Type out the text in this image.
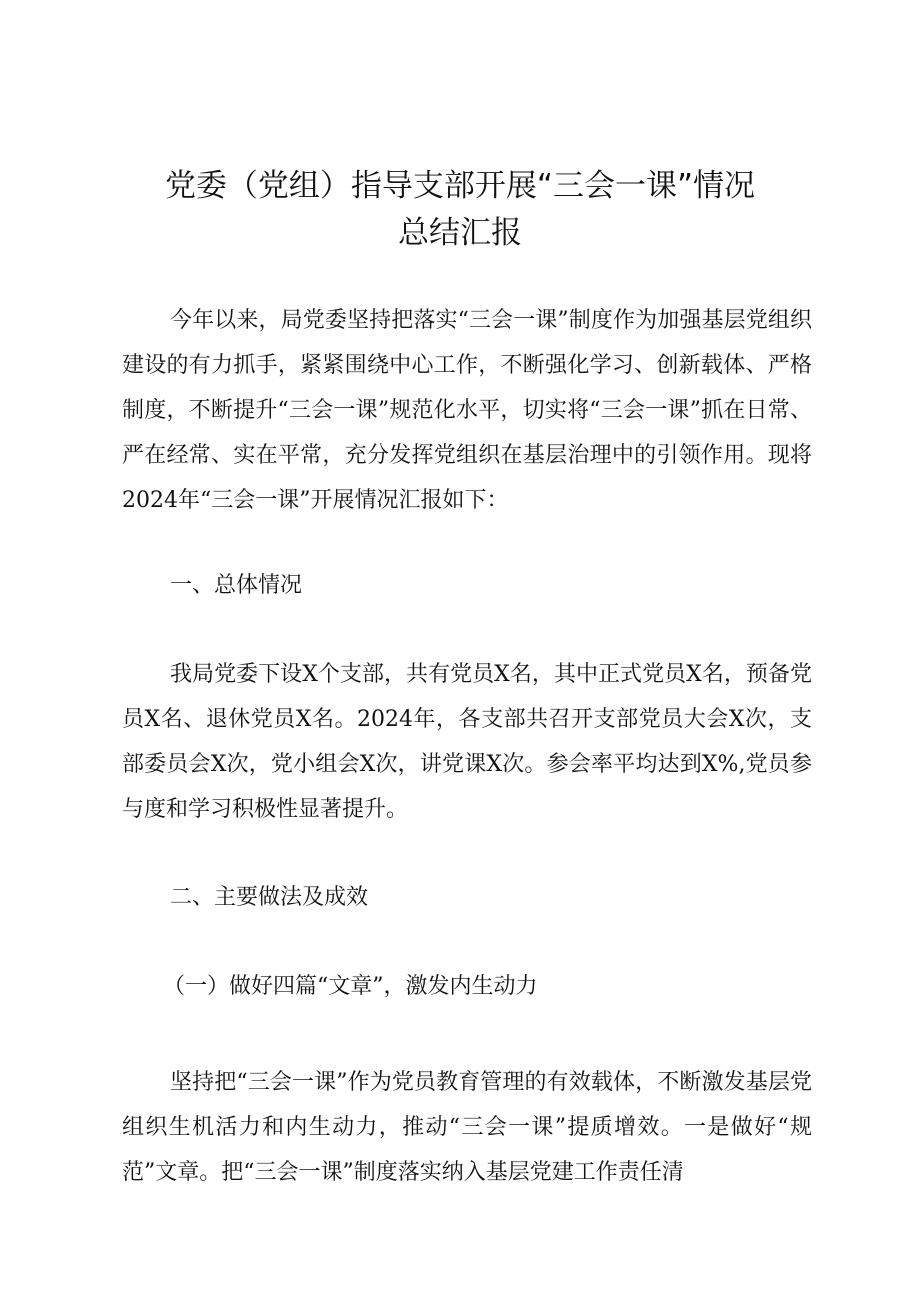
党委（党组）指导支部开展“三会一课”情况
总结汇报

今年以来，局党委坚持把落实“三会一课”制度作为加强基层党组织建设的有力抓手，紧紧围绕中心工作，不断强化学习、创新载体、严格制度，不断提升“三会一课”规范化水平，切实将“三会一课”抓在日常、严在经常、实在平常，充分发挥党组织在基层治理中的引领作用。现将2024年“三会一课”开展情况汇报如下：

一、总体情况

我局党委下设X个支部，共有党员X名，其中正式党员X名，预备党员X名、退休党员X名。2024年，各支部共召开支部党员大会X次，支部委员会X次，党小组会X次，讲党课X次。参会率平均达到X%,党员参与度和学习积极性显著提升。

二、主要做法及成效
（一）做好四篇“文章”，激发内生动力

坚持把“三会一课”作为党员教育管理的有效载体，不断激发基层党组织生机活力和内生动力，推动“三会一课”提质增效。一是做好“规范”文章。把“三会一课”制度落实纳入基层党建工作责任清
